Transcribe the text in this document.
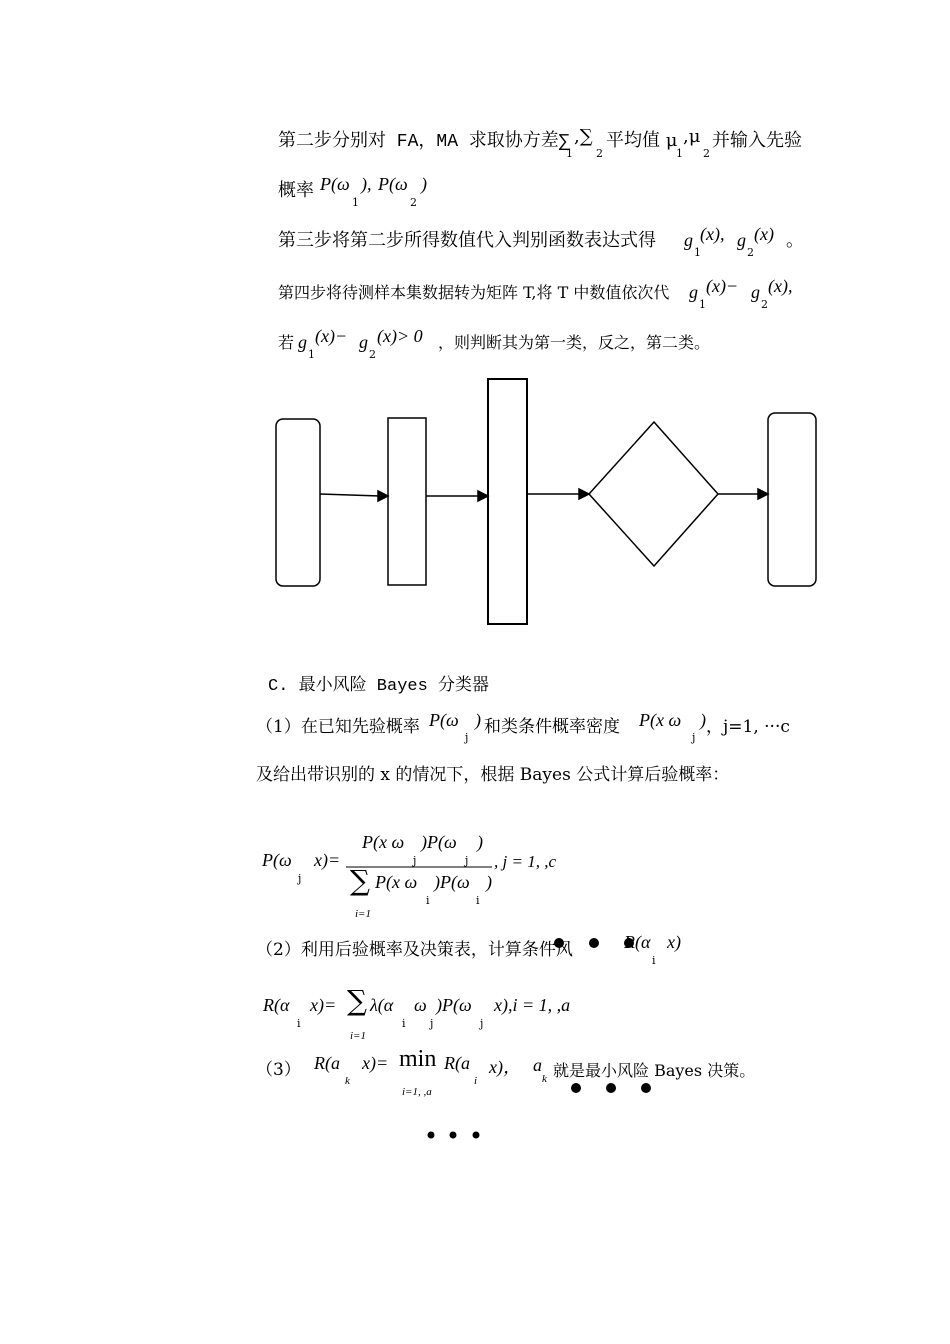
第二步分别对 FA，MA 求取协方差∑
1
,∑
2
平均值 μ
1
,μ
2
并输入先验
概率 P(ω
1
), P(ω
2
)
第三步将第二步所得数值代入判别函数表达式得 g
1
(x), g
2
(x) 。
第四步将待测样本集数据转为矩阵 T,将 T 中数值依次代 g
1
(x)− g
2
(x),
若 g
1
(x)− g
2
(x)> 0 ，则判断其为第一类，反之，第二类。
C. 最小风险 Bayes 分类器
（1）在已知先验概率 P(ω
j
) 和类条件概率密度 P(x ω
j
) ，j=1, ···c
及给出带识别的 x 的情况下，根据 Bayes 公式计算后验概率：
P(ω
j
x)=
P(x ω
j
)P(ω
j
)
∑ P(x ω
i
)P(ω
i
)
i=1
, j = 1, ,c
（2）利用后验概率及决策表，计算条件风	R(α
i
x)
R(α
i
x)= ∑ λ(α
i
ω
j
)P(ω
j
x),i = 1, ,a
i=1
（3） R(a
k
x)= min R(a
i
x)，
i=1, ,a
a
k 就是最小风险 Bayes 决策。
